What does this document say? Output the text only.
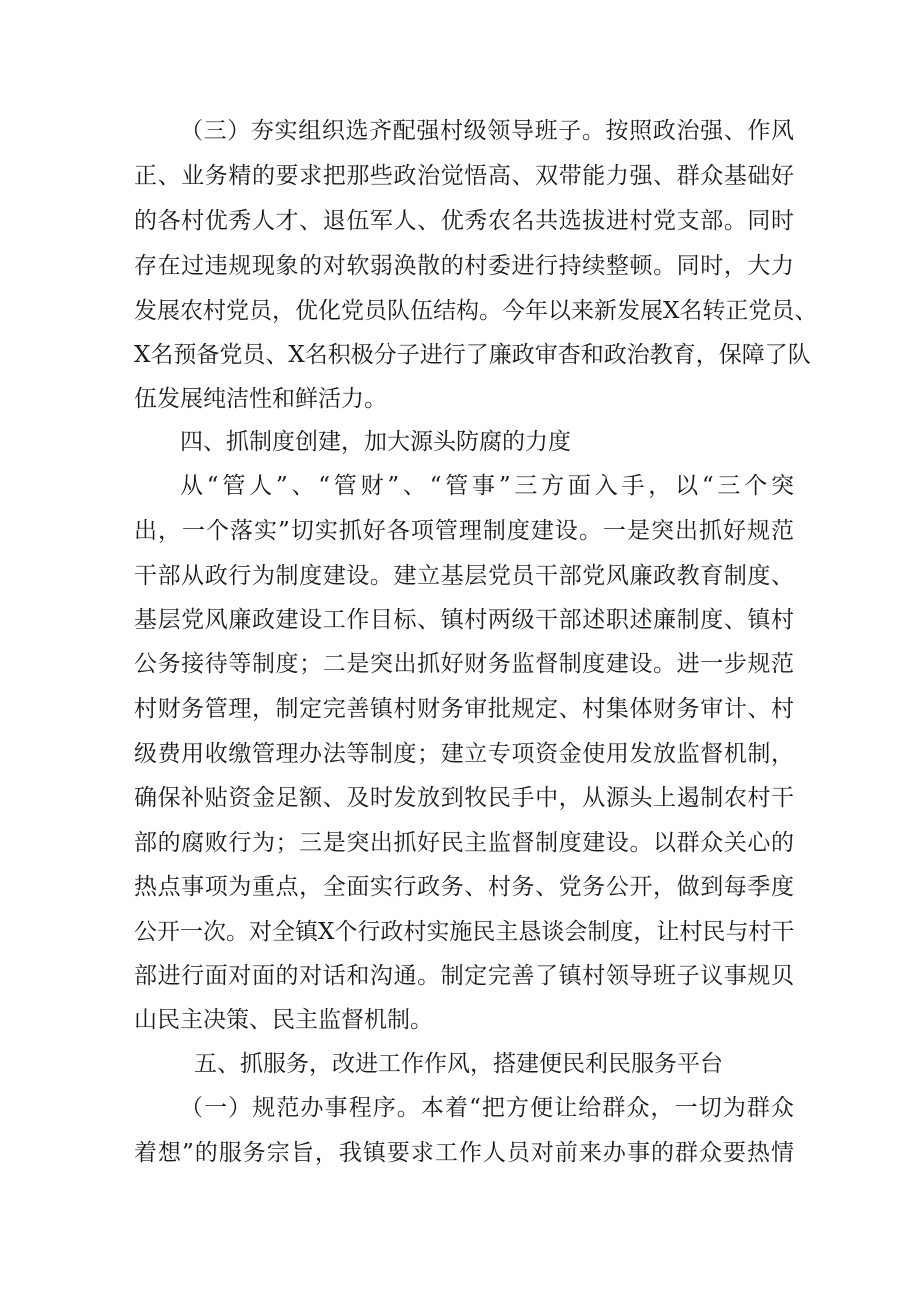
（三）夯实组织选齐配强村级领导班子。按照政治强、作风
正、业务精的要求把那些政治觉悟高、双带能力强、群众基础好
的各村优秀人才、退伍军人、优秀农名共选拔进村党支部。同时
存在过违规现象的对软弱涣散的村委进行持续整顿。同时，大力
发展农村党员，优化党员队伍结构。今年以来新发展X名转正党员、
X名预备党员、X名积极分子进行了廉政审杳和政治教育，保障了队
伍发展纯洁性和鲜活力。
四、抓制度创建，加大源头防腐的力度
从“管人”、“管财”、“管事”三方面入手，以“三个突
出，一个落实”切实抓好各项管理制度建设。一是突出抓好规范
干部从政行为制度建设。建立基层党员干部党风廉政教育制度、
基层党风廉政建设工作目标、镇村两级干部述职述廉制度、镇村
公务接待等制度；二是突出抓好财务监督制度建设。进一步规范
村财务管理，制定完善镇村财务审批规定、村集体财务审计、村
级费用收缴管理办法等制度；建立专项资金使用发放监督机制，
确保补贴资金足额、及时发放到牧民手中，从源头上遏制农村干
部的腐败行为；三是突出抓好民主监督制度建设。以群众关心的
热点事项为重点，全面实行政务、村务、党务公开，做到每季度
公开一次。对全镇X个行政村实施民主恳谈会制度，让村民与村干
部进行面对面的对话和沟通。制定完善了镇村领导班子议事规贝
山民主决策、民主监督机制。
五、抓服务，改进工作作风，搭建便民利民服务平台
（一）规范办事程序。本着“把方便让给群众，一切为群众
着想”的服务宗旨，我镇要求工作人员对前来办事的群众要热情
